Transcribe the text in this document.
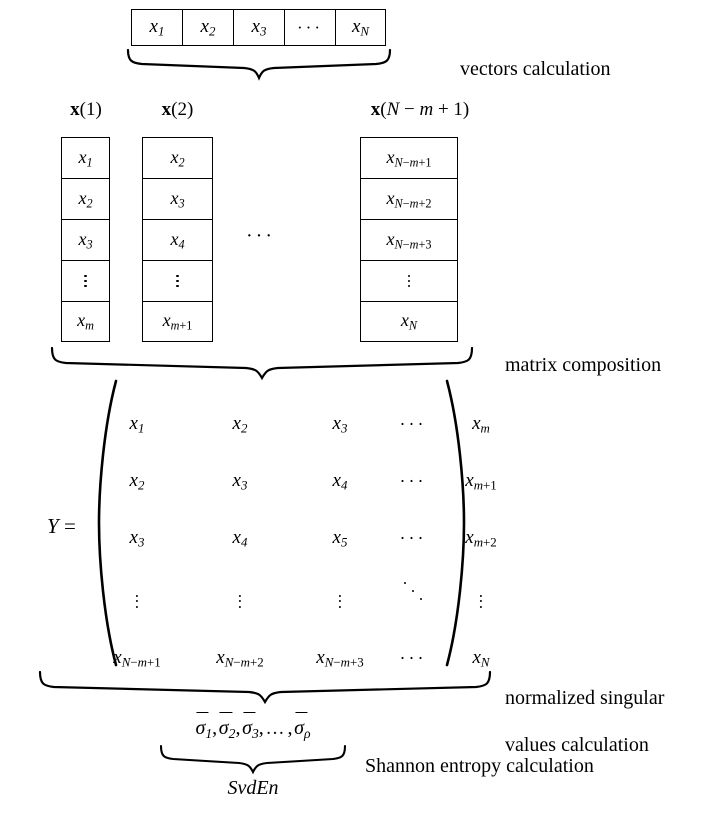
$x_1$ $x_2$ $x_3$ ··· $x_N$
vectors calculation
x(1)
$x_1$
$x_2$
$x_3$
$x_m$
x(2)
$x_2$
$x_3$
$x_4$
$x_{m+1}$
···
x(N − m + 1)
$x_{N-m+1}$
$x_{N-m+2}$
$x_{N-m+3}$
$x_N$
matrix composition
Y =
$x_1$	$x_2$	$x_3$	··· $x_m$
$x_2$	$x_3$	$x_4$	··· $x_{m+1}$
$x_3$	$x_4$	$x_5$	··· $x_{m+2}$
$x_{N-m+1}$	$x_{N-m+2}$	$x_{N-m+3}$ ··· $x_N$

normalized singular

values calculation

σ
$_1$, σ
$_2$, σ
$_3$, …, σ
$_\rho$
Shannon entropy calculation
SvdEn
